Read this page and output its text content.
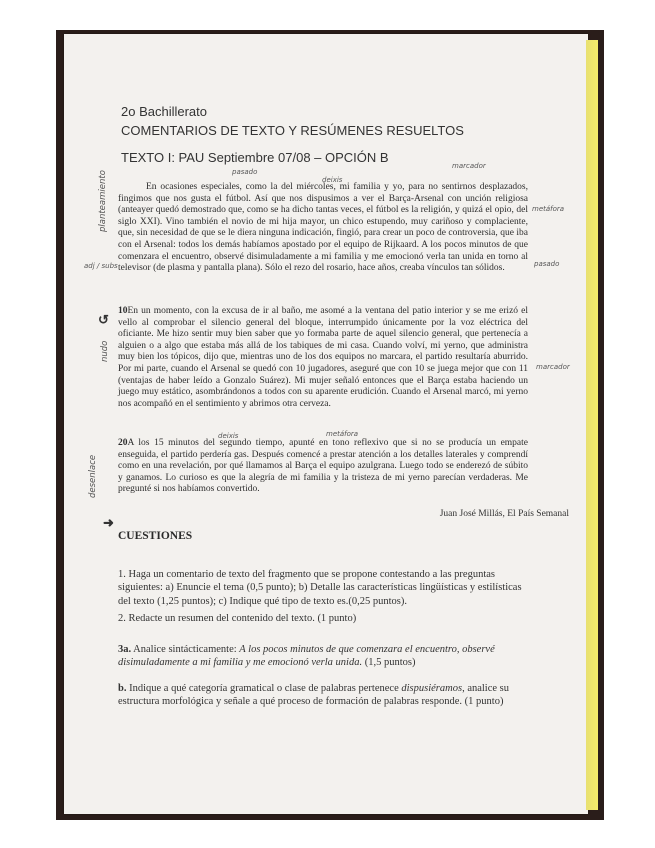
2o Bachillerato
COMENTARIOS DE TEXTO Y RESÚMENES RESUELTOS
TEXTO I: PAU Septiembre 07/08 – OPCIÓN B
En ocasiones especiales, como la del miércoles, mi familia y yo, para no sentirnos desplazados, fingimos que nos gusta el fútbol. Así que nos dispusimos a ver el Barça-Arsenal con unción religiosa (anteayer quedó demostrado que, como se ha dicho tantas veces, el fútbol es la religión, y quizá el opio, del siglo XXI). Vino también el novio de mi hija mayor, un chico estupendo, muy cariñoso y complaciente, que, sin necesidad de que se le diera ninguna indicación, fingió, para crear un poco de controversia, que iba con el Arsenal: todos los demás habíamos apostado por el equipo de Rijkaard. A los pocos minutos de que comenzara el encuentro, observé disimuladamente a mi familia y me emocionó verla tan unida en torno al televisor (de plasma y pantalla plana). Sólo el rezo del rosario, hace años, creaba vínculos tan sólidos.
10En un momento, con la excusa de ir al baño, me asomé a la ventana del patio interior y se me erizó el vello al comprobar el silencio general del bloque, interrumpido únicamente por la voz eléctrica del oficiante. Me hizo sentir muy bien saber que yo formaba parte de aquel silencio general, que pertenecía a alguien o a algo que estaba más allá de los tabiques de mi casa. Cuando volví, mi yerno, que administra muy bien los tópicos, dijo que, mientras uno de los dos equipos no marcara, el partido resultaría aburrido. Por mi parte, cuando el Arsenal se quedó con 10 jugadores, aseguré que con 10 se juega mejor que con 11 (ventajas de haber leído a Gonzalo Suárez). Mi mujer señaló entonces que el Barça estaba haciendo un juego muy estático, asombrándonos a todos con su aparente erudición. Cuando el Arsenal marcó, mi yerno nos acompañó en el sentimiento y abrimos otra cerveza.
20A los 15 minutos del segundo tiempo, apunté en tono reflexivo que si no se producía un empate enseguida, el partido perdería gas. Después comencé a prestar atención a los detalles laterales y comprendí como en una revelación, por qué llamamos al Barça el equipo azulgrana. Luego todo se enderezó de súbito y ganamos. Lo curioso es que la alegría de mi familia y la tristeza de mi yerno parecían verdaderas. Me pregunté si nos habíamos convertido.
Juan José Millás, El País Semanal
CUESTIONES
1. Haga un comentario de texto del fragmento que se propone contestando a las preguntas siguientes: a) Enuncie el tema (0,5 punto); b) Detalle las características lingüísticas y estilísticas del texto (1,25 puntos); c) Indique qué tipo de texto es.(0,25 puntos).
2. Redacte un resumen del contenido del texto. (1 punto)
3a. Analice sintácticamente: A los pocos minutos de que comenzara el encuentro, observé disimuladamente a mi familia y me emocionó verla unida. (1,5 puntos)
b. Indique a qué categoría gramatical o clase de palabras pertenece dispusiéramos, analice su estructura morfológica y señale a qué proceso de formación de palabras responde. (1 punto)
planteamiento
nudo
desenlace
adj / subs
metáfora
metáfora
pasado
pasado
marcador
marcador
deixis
deixis
↺
➜
